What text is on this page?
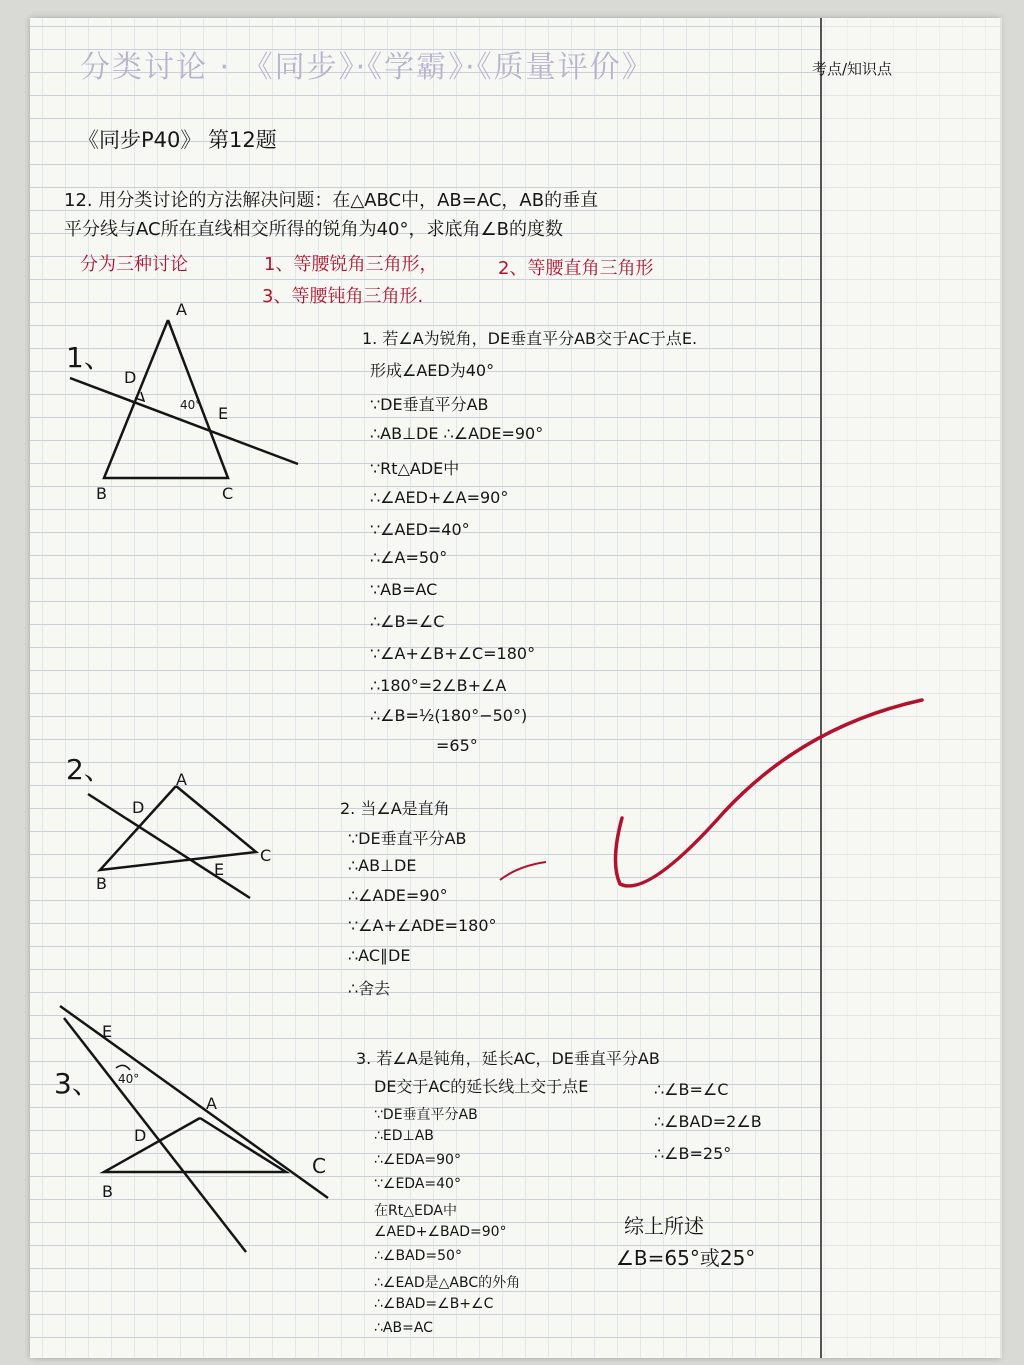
考点/知识点
分类讨论 · 《同步》·《学霸》·《质量评价》
《同步P40》 第12题
12. 用分类讨论的方法解决问题：在△ABC中，AB=AC，AB的垂直
平分线与AC所在直线相交所得的锐角为40°，求底角∠B的度数
分为三种讨论	1、等腰锐角三角形，	2、等腰直角三角形
3、等腰钝角三角形.
1、
2、
3、
A
B	C
D
E
40°
A
B
C
D
E
A
B
C
D
E
40°
1. 若∠A为锐角，DE垂直平分AB交于AC于点E.
形成∠AED为40°
∵DE垂直平分AB
∴AB⊥DE ∴∠ADE=90°
∵Rt△ADE中
∴∠AED+∠A=90°
∵∠AED=40°
∴∠A=50°
∵AB=AC
∴∠B=∠C
∵∠A+∠B+∠C=180°
∴180°=2∠B+∠A
∴∠B=½(180°−50°)
=65°
2. 当∠A是直角
∵DE垂直平分AB
∴AB⊥DE
∴∠ADE=90°
∵∠A+∠ADE=180°
∴AC∥DE
∴舍去
3. 若∠A是钝角，延长AC，DE垂直平分AB
DE交于AC的延长线上交于点E
∵DE垂直平分AB
∴ED⊥AB
∴∠EDA=90°
∵∠EDA=40°
在Rt△EDA中
∠AED+∠BAD=90°
∴∠BAD=50°
∴∠EAD是△ABC的外角
∴∠BAD=∠B+∠C
∴AB=AC
∴∠B=∠C
∴∠BAD=2∠B
∴∠B=25°
综上所述
∠B=65°或25°
